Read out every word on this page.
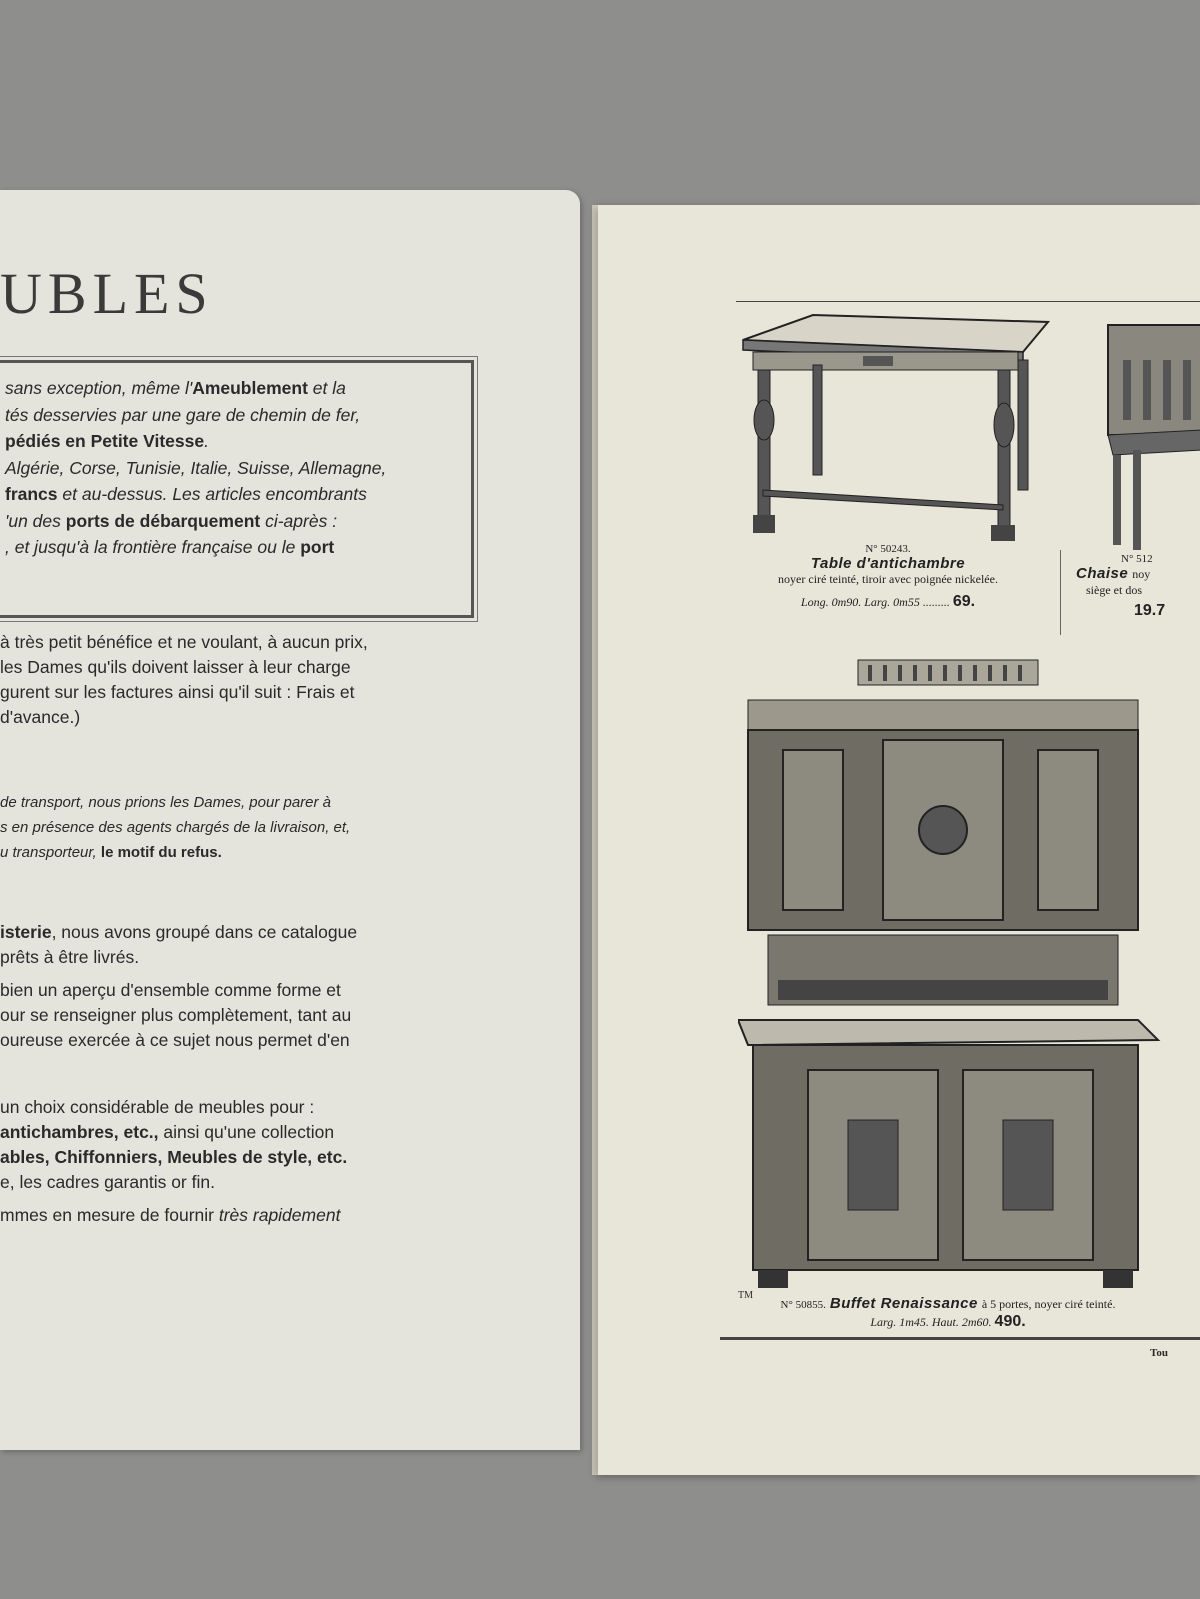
UBLES

sans exception, même l'Ameublement et la

tés desservies par une gare de chemin de fer,

pédiés en Petite Vitesse.

Algérie, Corse, Tunisie, Italie, Suisse, Allemagne,

francs et au-dessus. Les articles encombrants

'un des ports de débarquement ci-après :

, et jusqu'à la frontière française ou le port

à très petit bénéfice et ne voulant, à aucun prix,

les Dames qu'ils doivent laisser à leur charge

gurent sur les factures ainsi qu'il suit : Frais et

d'avance.)

de transport, nous prions les Dames, pour parer à

s en présence des agents chargés de la livraison, et,

u transporteur, le motif du refus.

isterie, nous avons groupé dans ce catalogue

prêts à être livrés.

bien un aperçu d'ensemble comme forme et

our se renseigner plus complètement, tant au

oureuse exercée à ce sujet nous permet d'en

un choix considérable de meubles pour :

antichambres, etc., ainsi qu'une collection

ables, Chiffonniers, Meubles de style, etc.

e, les cadres garantis or fin.

mmes en mesure de fournir très rapidement

N° 50243.
Table d'antichambre
noyer ciré teinté, tiroir avec poignée nickelée.
Long. 0m90. Larg. 0m55 ......... 69.
N° 512
Chaise noy
siège et dos
19.7
TM
N° 50855. Buffet Renaissance à 5 portes, noyer ciré teinté.
Larg. 1m45. Haut. 2m60. 490.
Tou
